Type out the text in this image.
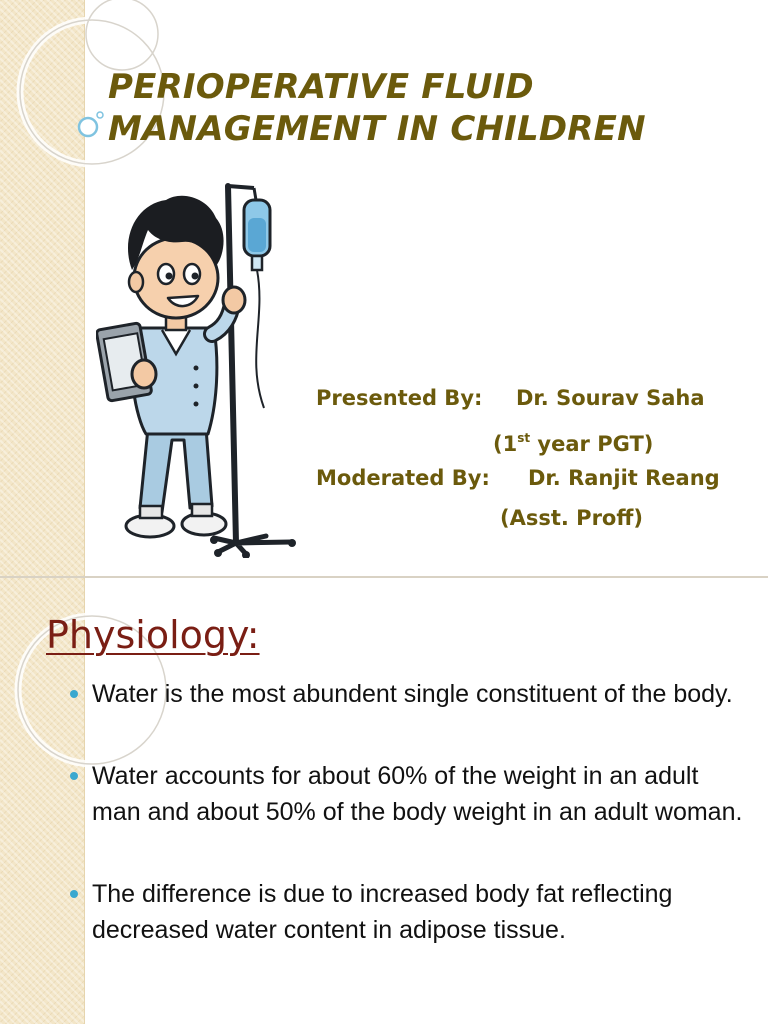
PERIOPERATIVE FLUID
MANAGEMENT IN CHILDREN
Presented By: Dr. Sourav Saha
(1st year PGT)
Moderated By: Dr. Ranjit Reang
(Asst. Proff)
Physiology:
Water is the most abundent single constituent of the body.
Water accounts for about 60% of the weight in an adult man and about 50% of the body weight in an adult woman.
The difference is due to increased body fat reflecting decreased water content in adipose tissue.
